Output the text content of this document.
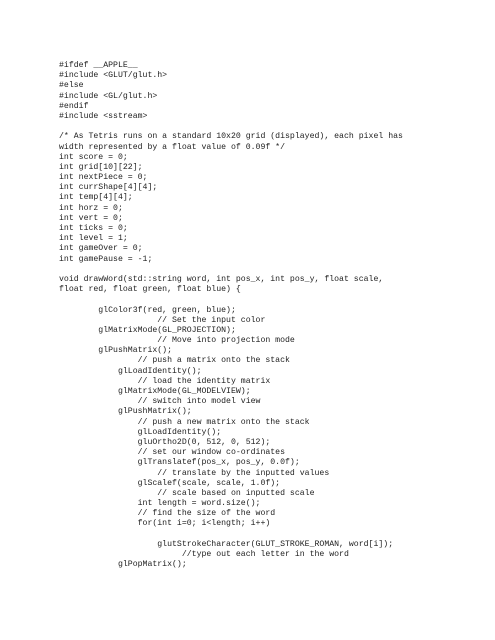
#ifdef __APPLE__
#include <GLUT/glut.h>
#else
#include <GL/glut.h>
#endif
#include <sstream>
/* As Tetris runs on a standard 10x20 grid (displayed), each pixel has
width represented by a float value of 0.09f */
int score = 0;
int grid[10][22];
int nextPiece = 0;
int currShape[4][4];
int temp[4][4];
int horz = 0;
int vert = 0;
int ticks = 0;
int level = 1;
int gameOver = 0;
int gamePause = -1;
void drawWord(std::string word, int pos_x, int pos_y, float scale,
float red, float green, float blue) {
glColor3f(red, green, blue);
// Set the input color
glMatrixMode(GL_PROJECTION);
// Move into projection mode
glPushMatrix();
// push a matrix onto the stack
glLoadIdentity();
// load the identity matrix
glMatrixMode(GL_MODELVIEW);
// switch into model view
glPushMatrix();
// push a new matrix onto the stack
glLoadIdentity();
gluOrtho2D(0, 512, 0, 512);
// set our window co-ordinates
glTranslatef(pos_x, pos_y, 0.0f);
// translate by the inputted values
glScalef(scale, scale, 1.0f);
// scale based on inputted scale
int length = word.size();
// find the size of the word
for(int i=0; i<length; i++)
glutStrokeCharacter(GLUT_STROKE_ROMAN, word[i]);
//type out each letter in the word
glPopMatrix();
